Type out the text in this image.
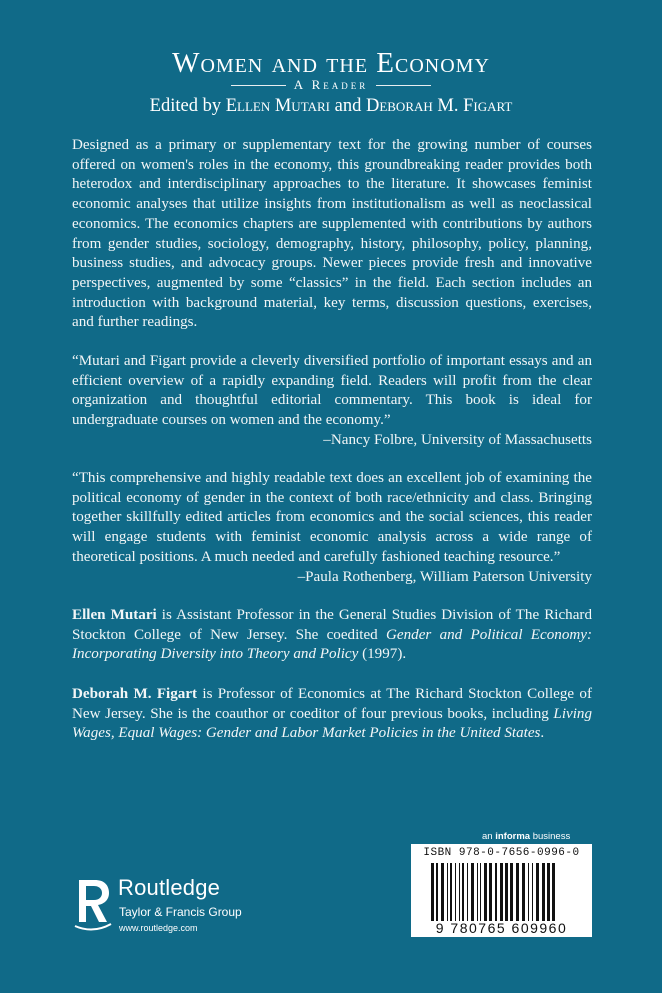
Women and the Economy
A Reader
Edited by Ellen Mutari and Deborah M. Figart
Designed as a primary or supplementary text for the growing number of courses offered on women's roles in the economy, this groundbreaking reader provides both heterodox and interdisciplinary approaches to the literature. It showcases feminist economic analyses that utilize insights from institutionalism as well as neoclassical economics. The economics chapters are supplemented with contributions by authors from gender studies, sociology, demography, history, philosophy, policy, planning, business studies, and advocacy groups. Newer pieces provide fresh and innovative perspectives, augmented by some “classics” in the field. Each section includes an introduction with background material, key terms, discussion questions, exercises, and further readings.

“Mutari and Figart provide a cleverly diversified portfolio of important essays and an efficient overview of a rapidly expanding field. Readers will profit from the clear organization and thoughtful editorial commentary. This book is ideal for undergraduate courses on women and the economy.”

–Nancy Folbre, University of Massachusetts

“This comprehensive and highly readable text does an excellent job of examining the political economy of gender in the context of both race/ethnicity and class. Bringing together skillfully edited articles from economics and the social sciences, this reader will engage students with feminist economic analysis across a wide range of theoretical positions. A much needed and carefully fashioned teaching resource.”

–Paula Rothenberg, William Paterson University

Ellen Mutari is Assistant Professor in the General Studies Division of The Richard Stockton College of New Jersey. She coedited Gender and Political Economy: Incorporating Diversity into Theory and Policy (1997).
Deborah M. Figart is Professor of Economics at The Richard Stockton College of New Jersey. She is the coauthor or coeditor of four previous books, including Living Wages, Equal Wages: Gender and Labor Market Policies in the United States.
Routledge
Taylor & Francis Group
www.routledge.com
an informa business
ISBN 978-0-7656-0996-0
9 780765 609960
